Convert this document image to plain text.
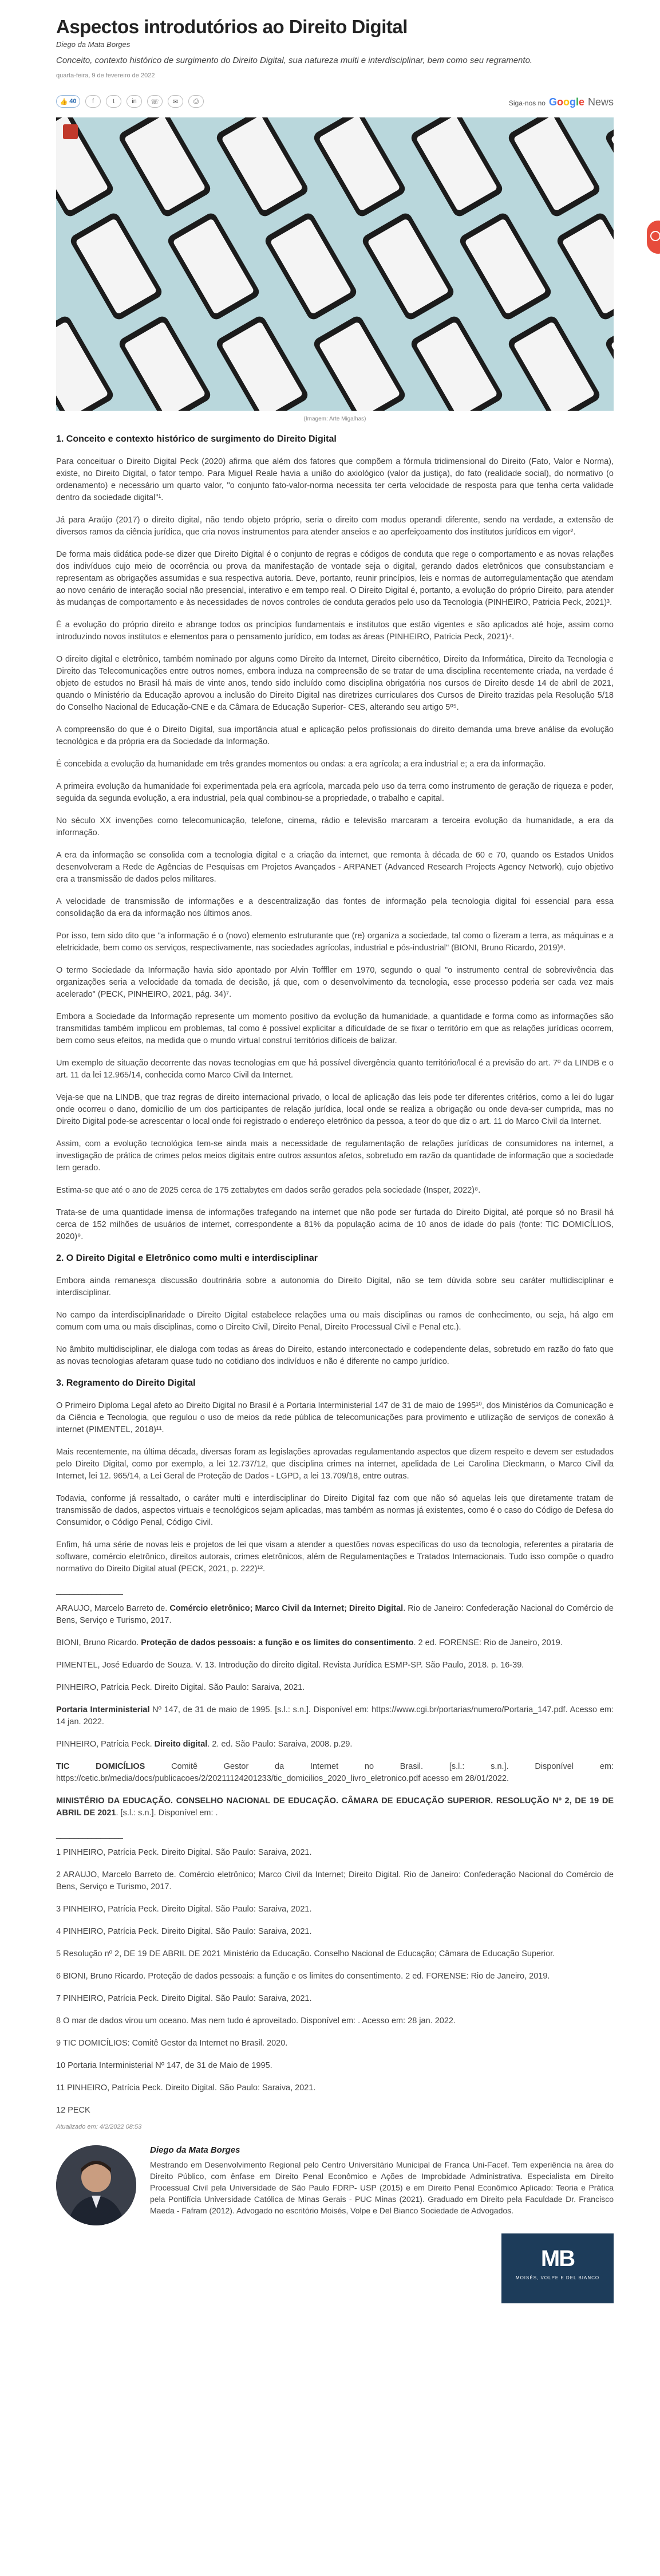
Aspectos introdutórios ao Direito Digital
Diego da Mata Borges
Conceito, contexto histórico de surgimento do Direito Digital, sua natureza multi e interdisciplinar, bem como seu regramento.
quarta-feira, 9 de fevereiro de 2022
👍 40	f	t	in ☏ ✉ ⎙	Siga-nos no Google News
(Imagem: Arte Migalhas)
1. Conceito e contexto histórico de surgimento do Direito Digital

Para conceituar o Direito Digital Peck (2020) afirma que além dos fatores que compõem a fórmula tridimensional do Direito (Fato, Valor e Norma), existe, no Direito Digital, o fator tempo. Para Miguel Reale havia a união do axiológico (valor da justiça), do fato (realidade social), do normativo (o ordenamento) e necessário um quarto valor, "o conjunto fato-valor-norma necessita ter certa velocidade de resposta para que tenha certa validade dentro da sociedade digital"¹.

Já para Araújo (2017) o direito digital, não tendo objeto próprio, seria o direito com modus operandi diferente, sendo na verdade, a extensão de diversos ramos da ciência jurídica, que cria novos instrumentos para atender anseios e ao aperfeiçoamento dos institutos jurídicos em vigor².

De forma mais didática pode-se dizer que Direito Digital é o conjunto de regras e códigos de conduta que rege o comportamento e as novas relações dos indivíduos cujo meio de ocorrência ou prova da manifestação de vontade seja o digital, gerando dados eletrônicos que consubstanciam e representam as obrigações assumidas e sua respectiva autoria. Deve, portanto, reunir princípios, leis e normas de autorregulamentação que atendam ao novo cenário de interação social não presencial, interativo e em tempo real. O Direito Digital é, portanto, a evolução do próprio Direito, para atender às mudanças de comportamento e às necessidades de novos controles de conduta gerados pelo uso da Tecnologia (PINHEIRO, Patricia Peck, 2021)³.

É a evolução do próprio direito e abrange todos os princípios fundamentais e institutos que estão vigentes e são aplicados até hoje, assim como introduzindo novos institutos e elementos para o pensamento jurídico, em todas as áreas (PINHEIRO, Patricia Peck, 2021)⁴.

O direito digital e eletrônico, também nominado por alguns como Direito da Internet, Direito cibernético, Direito da Informática, Direito da Tecnologia e Direito das Telecomunicações entre outros nomes, embora induza na compreensão de se tratar de uma disciplina recentemente criada, na verdade é objeto de estudos no Brasil há mais de vinte anos, tendo sido incluído como disciplina obrigatória nos cursos de Direito desde 14 de abril de 2021, quando o Ministério da Educação aprovou a inclusão do Direito Digital nas diretrizes curriculares dos Cursos de Direito trazidas pela Resolução 5/18 do Conselho Nacional de Educação-CNE e da Câmara de Educação Superior- CES, alterando seu artigo 5º⁵.

A compreensão do que é o Direito Digital, sua importância atual e aplicação pelos profissionais do direito demanda uma breve análise da evolução tecnológica e da própria era da Sociedade da Informação.

É concebida a evolução da humanidade em três grandes momentos ou ondas: a era agrícola; a era industrial e; a era da informação.

A primeira evolução da humanidade foi experimentada pela era agrícola, marcada pelo uso da terra como instrumento de geração de riqueza e poder, seguida da segunda evolução, a era industrial, pela qual combinou-se a propriedade, o trabalho e capital.

No século XX invenções como telecomunicação, telefone, cinema, rádio e televisão marcaram a terceira evolução da humanidade, a era da informação.

A era da informação se consolida com a tecnologia digital e a criação da internet, que remonta à década de 60 e 70, quando os Estados Unidos desenvolveram a Rede de Agências de Pesquisas em Projetos Avançados - ARPANET (Advanced Research Projects Agency Network), cujo objetivo era a transmissão de dados pelos militares.

A velocidade de transmissão de informações e a descentralização das fontes de informação pela tecnologia digital foi essencial para essa consolidação da era da informação nos últimos anos.

Por isso, tem sido dito que "a informação é o (novo) elemento estruturante que (re) organiza a sociedade, tal como o fizeram a terra, as máquinas e a eletricidade, bem como os serviços, respectivamente, nas sociedades agrícolas, industrial e pós-industrial" (BIONI, Bruno Ricardo, 2019)⁶.

O termo Sociedade da Informação havia sido apontado por Alvin Tofffler em 1970, segundo o qual "o instrumento central de sobrevivência das organizações seria a velocidade da tomada de decisão, já que, com o desenvolvimento da tecnologia, esse processo poderia ser cada vez mais acelerado" (PECK, PINHEIRO, 2021, pág. 34)⁷.

Embora a Sociedade da Informação represente um momento positivo da evolução da humanidade, a quantidade e forma como as informações são transmitidas também implicou em problemas, tal como é possível explicitar a dificuldade de se fixar o território em que as relações jurídicas ocorrem, bem como seus efeitos, na medida que o mundo virtual construí territórios difíceis de balizar.

Um exemplo de situação decorrente das novas tecnologias em que há possível divergência quanto território/local é a previsão do art. 7º da LINDB e o art. 11 da lei 12.965/14, conhecida como Marco Civil da Internet.

Veja-se que na LINDB, que traz regras de direito internacional privado, o local de aplicação das leis pode ter diferentes critérios, como a lei do lugar onde ocorreu o dano, domicílio de um dos participantes de relação jurídica, local onde se realiza a obrigação ou onde deva-ser cumprida, mas no Direito Digital pode-se acrescentar o local onde foi registrado o endereço eletrônico da pessoa, a teor do que diz o art. 11 do Marco Civil da Internet.

Assim, com a evolução tecnológica tem-se ainda mais a necessidade de regulamentação de relações jurídicas de consumidores na internet, a investigação de prática de crimes pelos meios digitais entre outros assuntos afetos, sobretudo em razão da quantidade de informação que a sociedade tem gerado.

Estima-se que até o ano de 2025 cerca de 175 zettabytes em dados serão gerados pela sociedade (Insper, 2022)⁸.

Trata-se de uma quantidade imensa de informações trafegando na internet que não pode ser furtada do Direito Digital, até porque só no Brasil há cerca de 152 milhões de usuários de internet, correspondente a 81% da população acima de 10 anos de idade do país (fonte: TIC DOMICÍLIOS, 2020)⁹.

2. O Direito Digital e Eletrônico como multi e interdisciplinar

Embora ainda remanesça discussão doutrinária sobre a autonomia do Direito Digital, não se tem dúvida sobre seu caráter multidisciplinar e interdisciplinar.

No campo da interdisciplinaridade o Direito Digital estabelece relações uma ou mais disciplinas ou ramos de conhecimento, ou seja, há algo em comum com uma ou mais disciplinas, como o Direito Civil, Direito Penal, Direito Processual Civil e Penal etc.).

No âmbito multidisciplinar, ele dialoga com todas as áreas do Direito, estando interconectado e codependente delas, sobretudo em razão do fato que as novas tecnologias afetaram quase tudo no cotidiano dos indivíduos e não é diferente no campo jurídico.

3. Regramento do Direito Digital

O Primeiro Diploma Legal afeto ao Direito Digital no Brasil é a Portaria Interministerial 147 de 31 de maio de 1995¹⁰, dos Ministérios da Comunicação e da Ciência e Tecnologia, que regulou o uso de meios da rede pública de telecomunicações para provimento e utilização de serviços de conexão à internet (PIMENTEL, 2018)¹¹.

Mais recentemente, na última década, diversas foram as legislações aprovadas regulamentando aspectos que dizem respeito e devem ser estudados pelo Direito Digital, como por exemplo, a lei 12.737/12, que disciplina crimes na internet, apelidada de Lei Carolina Dieckmann, o Marco Civil da Internet, lei 12. 965/14, a Lei Geral de Proteção de Dados - LGPD, a lei 13.709/18, entre outras.

Todavia, conforme já ressaltado, o caráter multi e interdisciplinar do Direito Digital faz com que não só aquelas leis que diretamente tratam de transmissão de dados, aspectos virtuais e tecnológicos sejam aplicadas, mas também as normas já existentes, como é o caso do Código de Defesa do Consumidor, o Código Penal, Código Civil.

Enfim, há uma série de novas leis e projetos de lei que visam a atender a questões novas específicas do uso da tecnologia, referentes a pirataria de software, comércio eletrônico, direitos autorais, crimes eletrônicos, além de Regulamentações e Tratados Internacionais. Tudo isso compõe o quadro normativo do Direito Digital atual (PECK, 2021, p. 222)¹².

_______________

ARAUJO, Marcelo Barreto de. Comércio eletrônico; Marco Civil da Internet; Direito Digital. Rio de Janeiro: Confederação Nacional do Comércio de Bens, Serviço e Turismo, 2017.

BIONI, Bruno Ricardo. Proteção de dados pessoais: a função e os limites do consentimento. 2 ed. FORENSE: Rio de Janeiro, 2019.

PIMENTEL, José Eduardo de Souza. V. 13. Introdução do direito digital. Revista Jurídica ESMP-SP. São Paulo, 2018. p. 16-39.

PINHEIRO, Patrícia Peck. Direito Digital. São Paulo: Saraiva, 2021.

Portaria Interministerial Nº 147, de 31 de maio de 1995. [s.l.: s.n.]. Disponível em: https://www.cgi.br/portarias/numero/Portaria_147.pdf. Acesso em: 14 jan. 2022.

PINHEIRO, Patrícia Peck. Direito digital. 2. ed. São Paulo: Saraiva, 2008. p.29.

TIC DOMICÍLIOS Comitê Gestor da Internet no Brasil. [s.l.: s.n.]. Disponível em: https://cetic.br/media/docs/publicacoes/2/20211124201233/tic_domicilios_2020_livro_eletronico.pdf acesso em 28/01/2022.

MINISTÉRIO DA EDUCAÇÃO. CONSELHO NACIONAL DE EDUCAÇÃO. CÂMARA DE EDUCAÇÃO SUPERIOR. RESOLUÇÃO Nº 2, DE 19 DE ABRIL DE 2021. [s.l.: s.n.]. Disponível em: .

_______________

1 PINHEIRO, Patrícia Peck. Direito Digital. São Paulo: Saraiva, 2021.

2 ARAUJO, Marcelo Barreto de. Comércio eletrônico; Marco Civil da Internet; Direito Digital. Rio de Janeiro: Confederação Nacional do Comércio de Bens, Serviço e Turismo, 2017.

3 PINHEIRO, Patrícia Peck. Direito Digital. São Paulo: Saraiva, 2021.

4 PINHEIRO, Patrícia Peck. Direito Digital. São Paulo: Saraiva, 2021.

5 Resolução nº 2, DE 19 DE ABRIL DE 2021 Ministério da Educação. Conselho Nacional de Educação; Câmara de Educação Superior.

6 BIONI, Bruno Ricardo. Proteção de dados pessoais: a função e os limites do consentimento. 2 ed. FORENSE: Rio de Janeiro, 2019.

7 PINHEIRO, Patrícia Peck. Direito Digital. São Paulo: Saraiva, 2021.

8 O mar de dados virou um oceano. Mas nem tudo é aproveitado. Disponível em: . Acesso em: 28 jan. 2022.

9 TIC DOMICÍLIOS: Comitê Gestor da Internet no Brasil. 2020.

10 Portaria Interministerial Nº 147, de 31 de Maio de 1995.

11 PINHEIRO, Patrícia Peck. Direito Digital. São Paulo: Saraiva, 2021.

12 PECK

Atualizado em: 4/2/2022 08:53
Diego da Mata Borges
Mestrando em Desenvolvimento Regional pelo Centro Universitário Municipal de Franca Uni-Facef. Tem experiência na área do Direito Público, com ênfase em Direito Penal Econômico e Ações de Improbidade Administrativa. Especialista em Direito Processual Civil pela Universidade de São Paulo FDRP- USP (2015) e em Direito Penal Econômico Aplicado: Teoria e Prática pela Pontifícia Universidade Católica de Minas Gerais - PUC Minas (2021). Graduado em Direito pela Faculdade Dr. Francisco Maeda - Fafram (2012). Advogado no escritório Moisés, Volpe e Del Bianco Sociedade de Advogados.
MB
MOISÉS, VOLPE E DEL BIANCO
